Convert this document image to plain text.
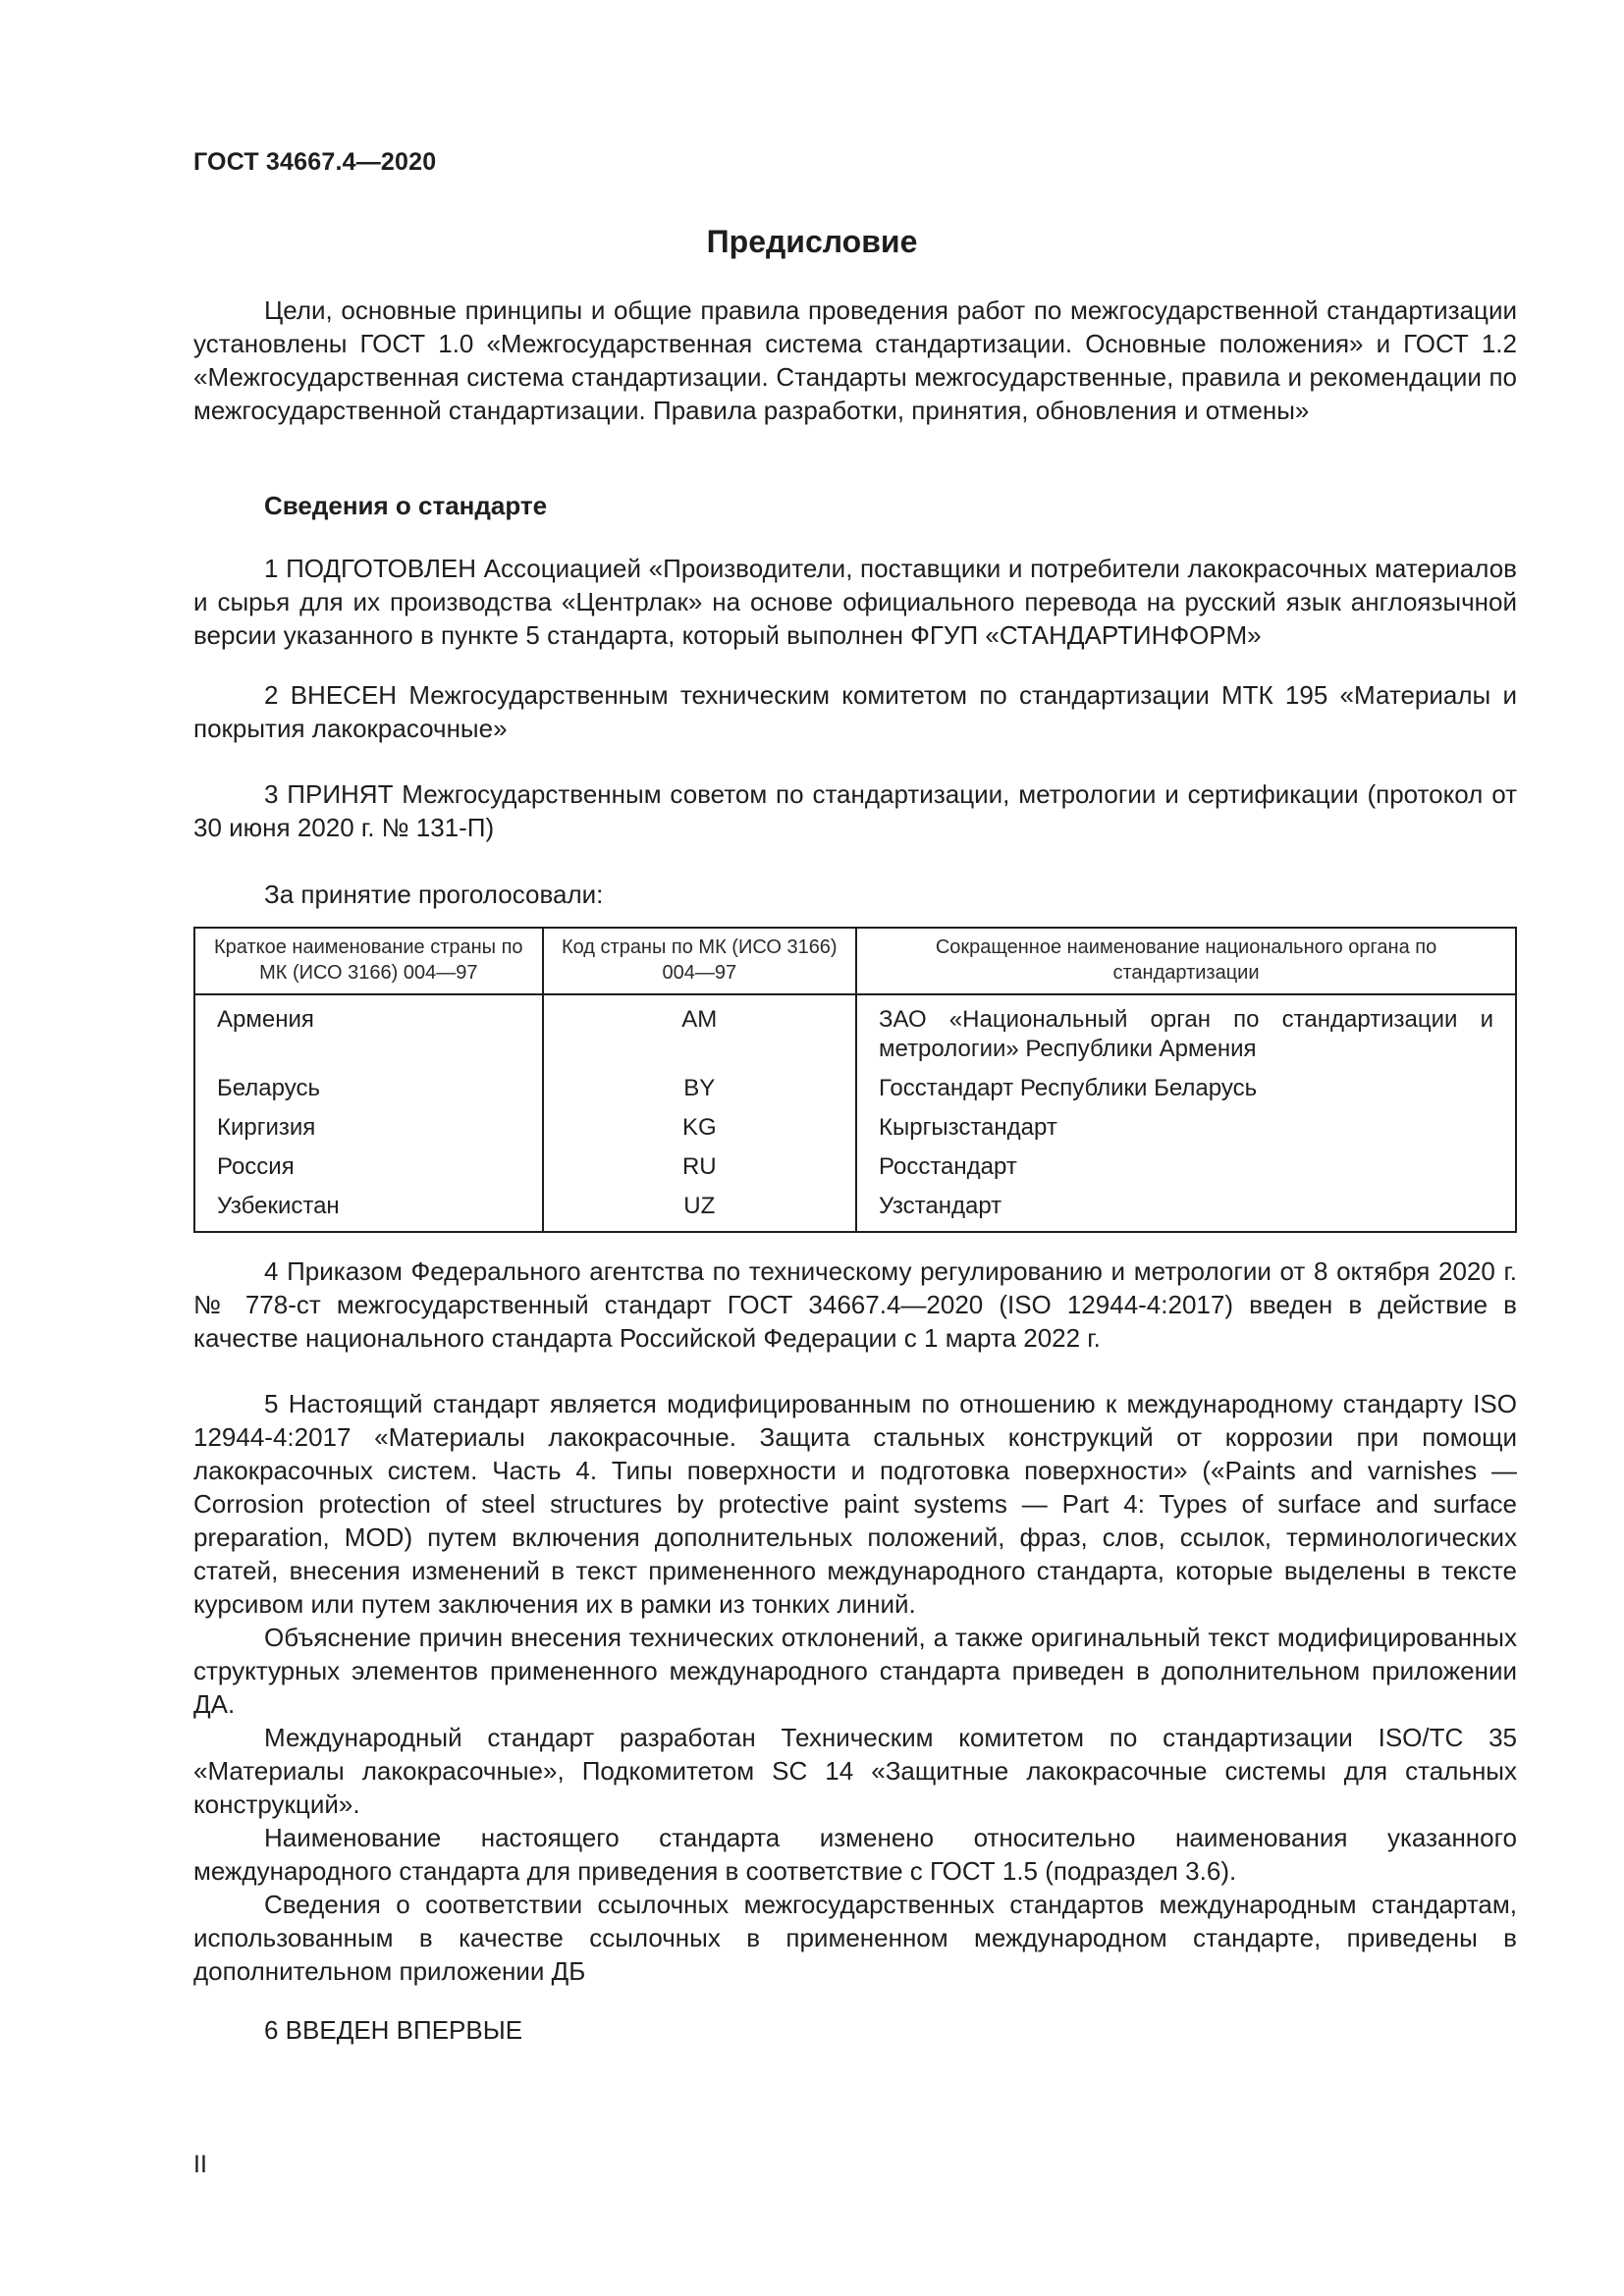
ГОСТ 34667.4—2020
Предисловие

Цели, основные принципы и общие правила проведения работ по межгосударственной стандартизации установлены ГОСТ 1.0 «Межгосударственная система стандартизации. Основные положения» и ГОСТ 1.2 «Межгосударственная система стандартизации. Стандарты межгосударственные, правила и рекомендации по межгосударственной стандартизации. Правила разработки, принятия, обновления и отмены»

Сведения о стандарте

1 ПОДГОТОВЛЕН Ассоциацией «Производители, поставщики и потребители лакокрасочных материалов и сырья для их производства «Центрлак» на основе официального перевода на русский язык англоязычной версии указанного в пункте 5 стандарта, который выполнен ФГУП «СТАНДАРТИНФОРМ»

2 ВНЕСЕН Межгосударственным техническим комитетом по стандартизации МТК 195 «Материалы и покрытия лакокрасочные»

3 ПРИНЯТ Межгосударственным советом по стандартизации, метрологии и сертификации (протокол от 30 июня 2020 г. № 131-П)

За принятие проголосовали:
Краткое наименование страны по МК (ИСО 3166) 004—97	Код страны по МК (ИСО 3166) 004—97	Сокращенное наименование национального органа по стандартизации
Армения	AM	ЗАО «Национальный орган по стандартизации и метрологии» Республики Армения
Беларусь	BY	Госстандарт Республики Беларусь
Киргизия	KG	Кыргызстандарт
Россия	RU	Росстандарт
Узбекистан	UZ	Узстандарт

4 Приказом Федерального агентства по техническому регулированию и метрологии от 8 октября 2020 г. № 778-ст межгосударственный стандарт ГОСТ 34667.4—2020 (ISO 12944-4:2017) введен в действие в качестве национального стандарта Российской Федерации с 1 марта 2022 г.

5 Настоящий стандарт является модифицированным по отношению к международному стандарту ISO 12944-4:2017 «Материалы лакокрасочные. Защита стальных конструкций от коррозии при помощи лакокрасочных систем. Часть 4. Типы поверхности и подготовка поверхности» («Paints and varnishes — Corrosion protection of steel structures by protective paint systems — Part 4: Types of surface and surface preparation, MOD) путем включения дополнительных положений, фраз, слов, ссылок, терминологических статей, внесения изменений в текст примененного международного стандарта, которые выделены в тексте курсивом или путем заключения их в рамки из тонких линий.

Объяснение причин внесения технических отклонений, а также оригинальный текст модифицированных структурных элементов примененного международного стандарта приведен в дополнительном приложении ДА.

Международный стандарт разработан Техническим комитетом по стандартизации ISO/TC 35 «Материалы лакокрасочные», Подкомитетом SC 14 «Защитные лакокрасочные системы для стальных конструкций».

Наименование настоящего стандарта изменено относительно наименования указанного международного стандарта для приведения в соответствие с ГОСТ 1.5 (подраздел 3.6).

Сведения о соответствии ссылочных межгосударственных стандартов международным стандартам, использованным в качестве ссылочных в примененном международном стандарте, приведены в дополнительном приложении ДБ

6 ВВЕДЕН ВПЕРВЫЕ
II
